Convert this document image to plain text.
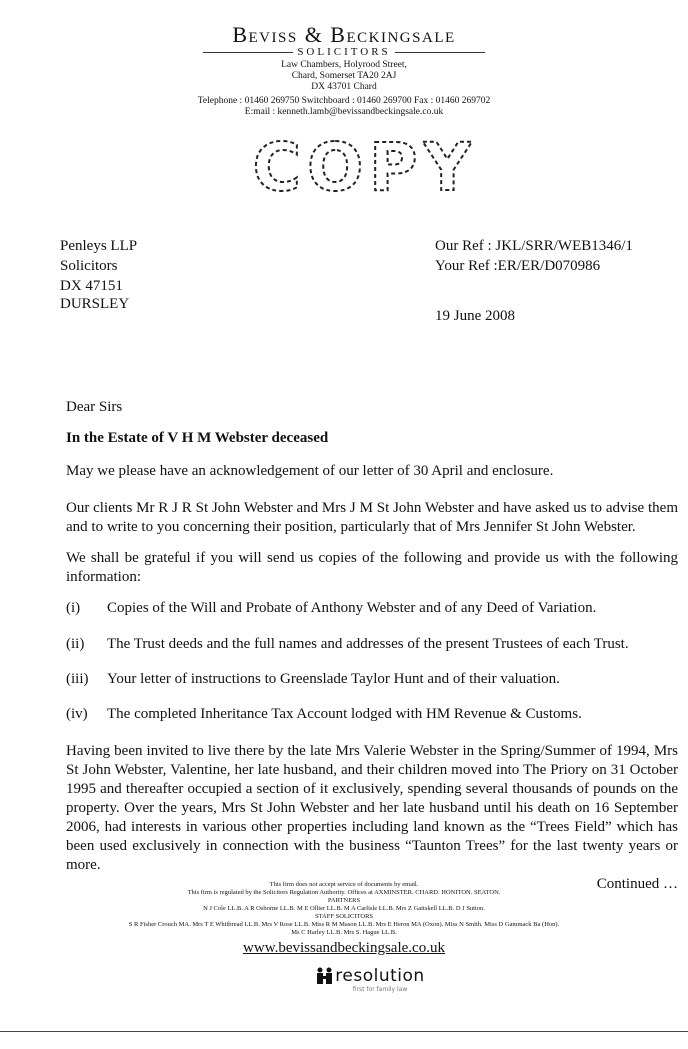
Beviss & Beckingsale
SOLICITORS
Law Chambers, Holyrood Street,
Chard, Somerset TA20 2AJ
DX 43701 Chard
Telephone : 01460 269750 Switchboard : 01460 269700 Fax : 01460 269702
E:mail : kenneth.lamb@bevissandbeckingsale.co.uk
COPY
Penleys LLP
Solicitors
DX 47151
DURSLEY
Our Ref : JKL/SRR/WEB1346/1
Your Ref :ER/ER/D070986
19 June 2008
Dear Sirs
In the Estate of V H M Webster deceased
May we please have an acknowledgement of our letter of 30 April and enclosure.
Our clients Mr R J R St John Webster and Mrs J M St John Webster and have asked us to advise them and to write to you concerning their position, particularly that of Mrs Jennifer St John Webster.
We shall be grateful if you will send us copies of the following and provide us with the following information:
(i) Copies of the Will and Probate of Anthony Webster and of any Deed of Variation.
(ii) The Trust deeds and the full names and addresses of the present Trustees of each Trust.
(iii) Your letter of instructions to Greenslade Taylor Hunt and of their valuation.
(iv) The completed Inheritance Tax Account lodged with HM Revenue & Customs.
Having been invited to live there by the late Mrs Valerie Webster in the Spring/Summer of 1994, Mrs St John Webster, Valentine, her late husband, and their children moved into The Priory on 31 October 1995 and thereafter occupied a section of it exclusively, spending several thousands of pounds on the property. Over the years, Mrs St John Webster and her late husband until his death on 16 September 2006, had interests in various other properties including land known as the “Trees Field” which has been used exclusively in connection with the business “Taunton Trees” for the last twenty years or more.
Continued …
This firm does not accept service of documents by email.
This firm is regulated by the Solicitors Regulation Authority. Offices at AXMINSTER. CHARD. HONITON. SEATON.
PARTNERS
N J Cole LL.B. A R Osborne LL.B. M E Ollier LL.B. M A Carlisle LL.B. Mrs Z Gaitskell LL.B. D J Sutton.
STAFF SOLICITORS
S R Fisher Crouch MA. Mrs T E Whitbread LL.B. Mrs V Rose LL.B. Miss R M Mason LL.B. Mrs E Heron MA (Oxon). Miss N Smith. Miss D Gammack Ba (Hon).
Ms C Harley LL.B. Mrs S. Hague LL.B.
www.bevissandbeckingsale.co.uk
resolution
first for family law
